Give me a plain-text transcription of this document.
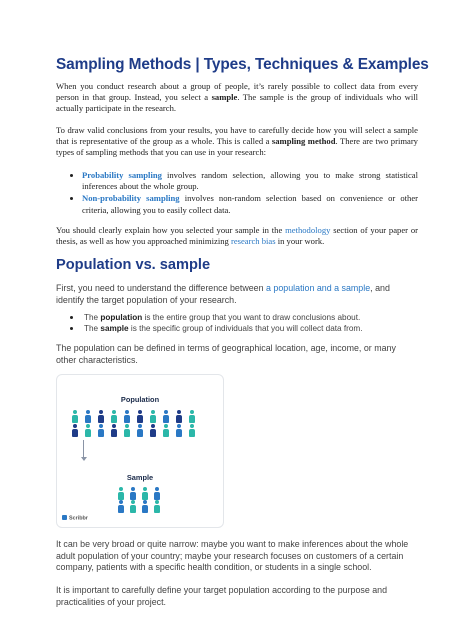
Sampling Methods | Types, Techniques & Examples
When you conduct research about a group of people, it’s rarely possible to collect data from every person in that group. Instead, you select a sample. The sample is the group of individuals who will actually participate in the research.
To draw valid conclusions from your results, you have to carefully decide how you will select a sample that is representative of the group as a whole. This is called a sampling method. There are two primary types of sampling methods that you can use in your research:
Probability sampling involves random selection, allowing you to make strong statistical inferences about the whole group.
Non-probability sampling involves non-random selection based on convenience or other criteria, allowing you to easily collect data.
You should clearly explain how you selected your sample in the methodology section of your paper or thesis, as well as how you approached minimizing research bias in your work.
Population vs. sample
First, you need to understand the difference between a population and a sample, and identify the target population of your research.
The population is the entire group that you want to draw conclusions about.
The sample is the specific group of individuals that you will collect data from.
The population can be defined in terms of geographical location, age, income, or many other characteristics.
Population
Sample
Scribbr
It can be very broad or quite narrow: maybe you want to make inferences about the whole adult population of your country; maybe your research focuses on customers of a certain company, patients with a specific health condition, or students in a single school.
It is important to carefully define your target population according to the purpose and practicalities of your project.
